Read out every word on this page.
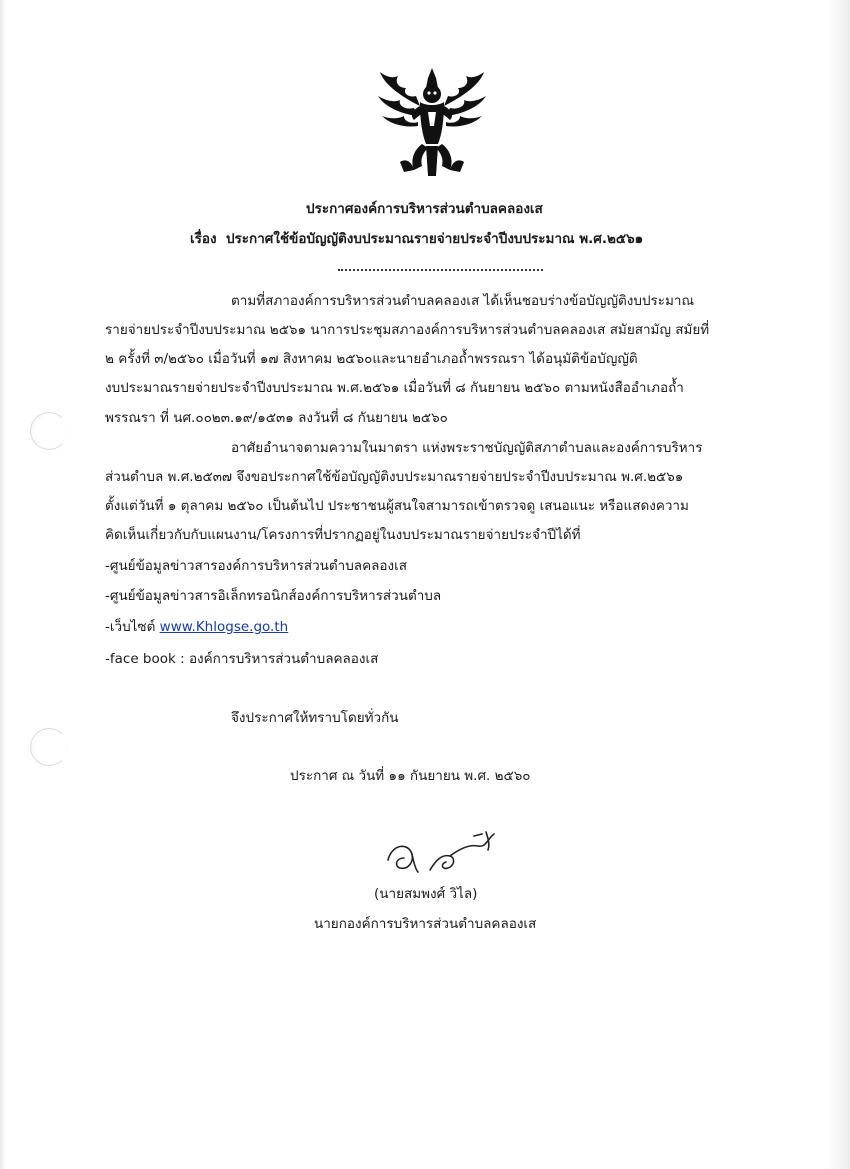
ประกาศองค์การบริหารส่วนตำบลคลองเส
เรื่อง ประกาศใช้ข้อบัญญัติงบประมาณรายจ่ายประจำปีงบประมาณ พ.ศ.๒๕๖๑
ตามที่สภาองค์การบริหารส่วนตำบลคลองเส ได้เห็นชอบร่างข้อบัญญัติงบประมาณ
รายจ่ายประจำปีงบประมาณ ๒๕๖๑ นาการประชุมสภาองค์การบริหารส่วนตำบลคลองเส สมัยสามัญ สมัยที่
๒ ครั้งที่ ๓/๒๕๖๐ เมื่อวันที่ ๑๗ สิงหาคม ๒๕๖๐และนายอำเภอถ้ำพรรณรา ได้อนุมัติข้อบัญญัติ
งบประมาณรายจ่ายประจำปีงบประมาณ พ.ศ.๒๕๖๑ เมื่อวันที่ ๘ กันยายน ๒๕๖๐ ตามหนังสืออำเภอถ้ำ
พรรณรา ที่ นศ.๐๐๒๓.๑๙/๑๕๓๑ ลงวันที่ ๘ กันยายน ๒๕๖๐
อาศัยอำนาจตามความในมาตรา แห่งพระราชบัญญัติสภาตำบลและองค์การบริหาร
ส่วนตำบล พ.ศ.๒๕๓๗ จึงขอประกาศใช้ข้อบัญญัติงบประมาณรายจ่ายประจำปีงบประมาณ พ.ศ.๒๕๖๑
ตั้งแต่วันที่ ๑ ตุลาคม ๒๕๖๐ เป็นต้นไป ประชาชนผู้สนใจสามารถเข้าตรวจดู เสนอแนะ หรือแสดงความ
คิดเห็นเกี่ยวกับกับแผนงาน/โครงการที่ปรากฏอยู่ในงบประมาณรายจ่ายประจำปีได้ที่
-ศูนย์ข้อมูลข่าวสารองค์การบริหารส่วนตำบลคลองเส
-ศูนย์ข้อมูลข่าวสารอิเล็กทรอนิกส์องค์การบริหารส่วนตำบล
-เว็บไซต์ www.Khlogse.go.th
-face book : องค์การบริหารส่วนตำบลคลองเส
จึงประกาศให้ทราบโดยทั่วกัน
ประกาศ ณ วันที่ ๑๑ กันยายน พ.ศ. ๒๕๖๐
(นายสมพงศ์ วิไล)
นายกองค์การบริหารส่วนตำบลคลองเส
